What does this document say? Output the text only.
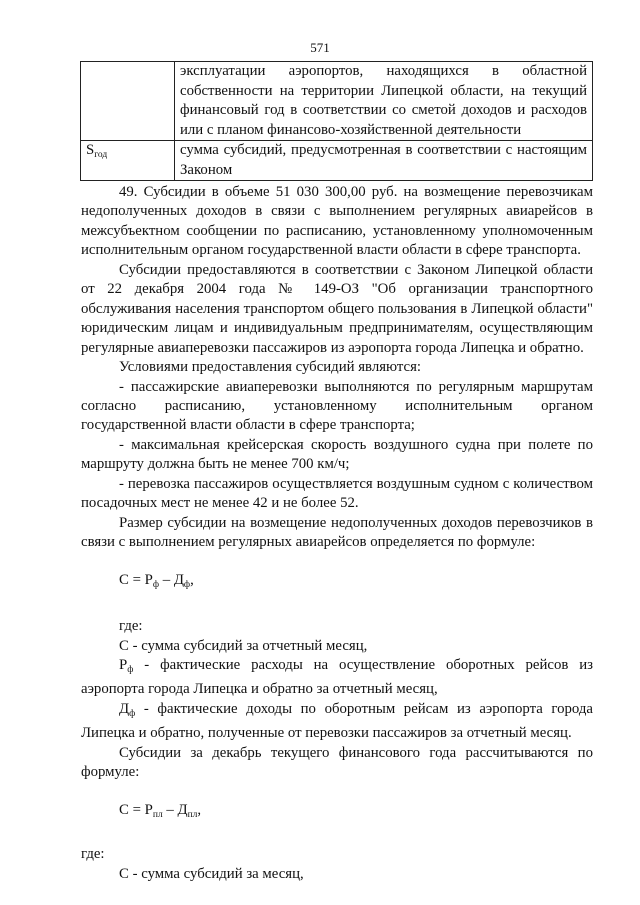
571
	эксплуатации аэропортов, находящихся в областной собственности на территории Липецкой области, на текущий финансовый год в соответствии со сметой доходов и расходов или с планом финансово-хозяйственной деятельности
$S_{год}$	сумма субсидий, предусмотренная в соответствии с настоящим Законом

49. Субсидии в объеме 51 030 300,00 руб. на возмещение перевозчикам недополученных доходов в связи с выполнением регулярных авиарейсов в межсубъектном сообщении по расписанию, установленному уполномоченным исполнительным органом государственной власти области в сфере транспорта.

Субсидии предоставляются в соответствии с Законом Липецкой области от 22 декабря 2004 года № 149-ОЗ "Об организации транспортного обслуживания населения транспортом общего пользования в Липецкой области" юридическим лицам и индивидуальным предпринимателям, осуществляющим регулярные авиаперевозки пассажиров из аэропорта города Липецка и обратно.

Условиями предоставления субсидий являются:

- пассажирские авиаперевозки выполняются по регулярным маршрутам согласно расписанию, установленному исполнительным органом государственной власти области в сфере транспорта;

- максимальная крейсерская скорость воздушного судна при полете по маршруту должна быть не менее 700 км/ч;

- перевозка пассажиров осуществляется воздушным судном с количеством посадочных мест не менее 42 и не более 52.

Размер субсидии на возмещение недополученных доходов перевозчиков в связи с выполнением регулярных авиарейсов определяется по формуле:

$С = Р_ф - Д_ф$,

где:

С - сумма субсидий за отчетный месяц,

$Р_ф$ - фактические расходы на осуществление оборотных рейсов из аэропорта города Липецка и обратно за отчетный месяц,

$Д_ф$ - фактические доходы по оборотным рейсам из аэропорта города Липецка и обратно, полученные от перевозки пассажиров за отчетный месяц.

Субсидии за декабрь текущего финансового года рассчитываются по формуле:

$С = Р_{пл} - Д_{пл}$,

где:

С - сумма субсидий за месяц,
